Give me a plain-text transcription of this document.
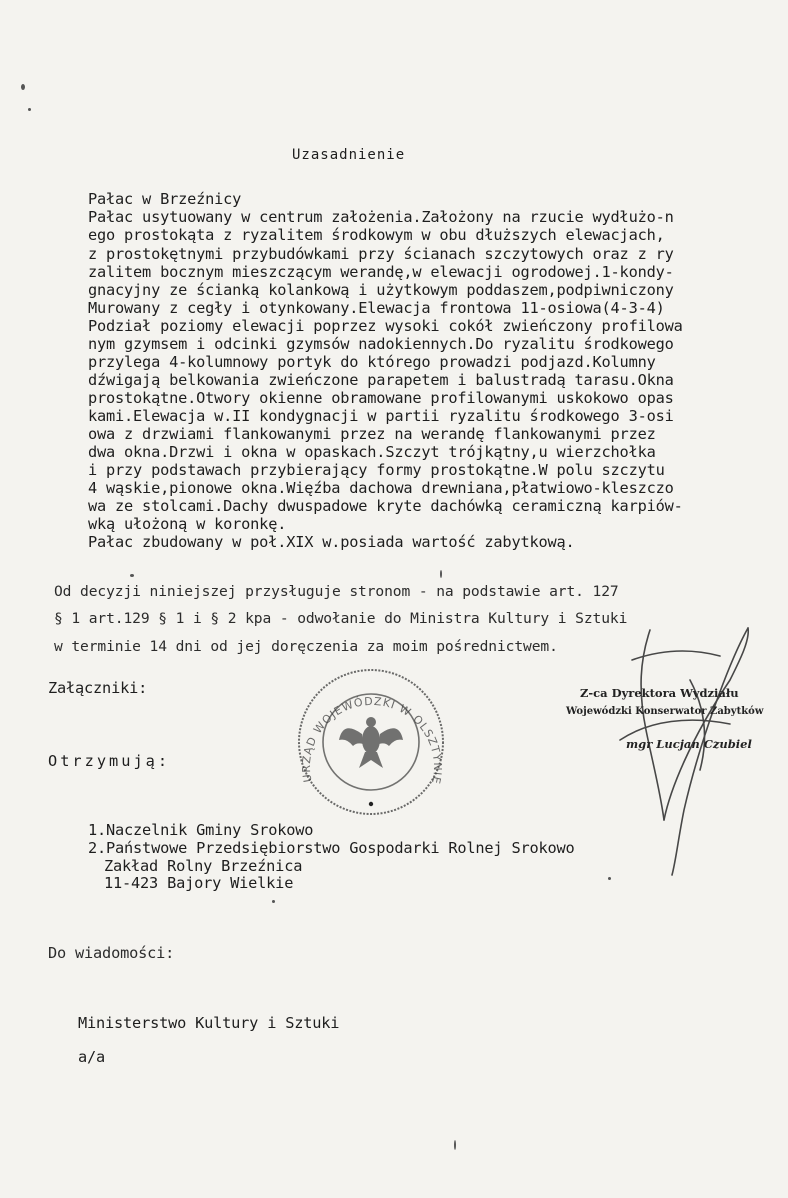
Uzasadnienie
Pałac w Brzeźnicy
Pałac usytuowany w centrum założenia.Założony na rzucie wydłużo-n
ego prostokąta z ryzalitem środkowym w obu dłuższych elewacjach,
z prostokętnymi przybudówkami przy ścianach szczytowych oraz z ry
zalitem bocznym mieszczącym werandę,w elewacji ogrodowej.1-kondy-
gnacyjny ze ścianką kolankową i użytkowym poddaszem,podpiwniczony
Murowany z cegły i otynkowany.Elewacja frontowa 11-osiowa(4-3-4)
Podział poziomy elewacji poprzez wysoki cokół zwieńczony profilowa
nym gzymsem i odcinki gzymsów nadokiennych.Do ryzalitu środkowego
przylega 4-kolumnowy portyk do którego prowadzi podjazd.Kolumny
dźwigają belkowania zwieńczone parapetem i balustradą tarasu.Okna
prostokątne.Otwory okienne obramowane profilowanymi uskokowo opas
kami.Elewacja w.II kondygnacji w partii ryzalitu środkowego 3-osi
owa z drzwiami flankowanymi przez na werandę flankowanymi przez
dwa okna.Drzwi i okna w opaskach.Szczyt trójkątny,u wierzchołka
i przy podstawach przybierający formy prostokątne.W polu szczytu
4 wąskie,pionowe okna.Więźba dachowa drewniana,płatwiowo-kleszczo
wa ze stolcami.Dachy dwuspadowe kryte dachówką ceramiczną karpiów-
wką ułożoną w koronkę.
Pałac zbudowany w poł.XIX w.posiada wartość zabytkową.
Od decyzji niniejszej przysługuje stronom - na podstawie art. 127
§ 1 art.129 § 1 i § 2 kpa - odwołanie do Ministra Kultury i Sztuki
w terminie 14 dni od jej doręczenia za moim pośrednictwem.
Załączniki:
Otrzymują:
1.Naczelnik Gminy Srokowo
2.Państwowe Przedsiębiorstwo Gospodarki Rolnej Srokowo
Zakład Rolny Brzeźnica
11-423 Bajory Wielkie
Do wiadomości:
Ministerstwo Kultury i Sztuki
a/a
Z-ca Dyrektora Wydziału
Wojewódzki Konserwator Zabytków
mgr Lucjan Czubiel
URZĄD WOJEWÓDZKI W OLSZTYNIE
